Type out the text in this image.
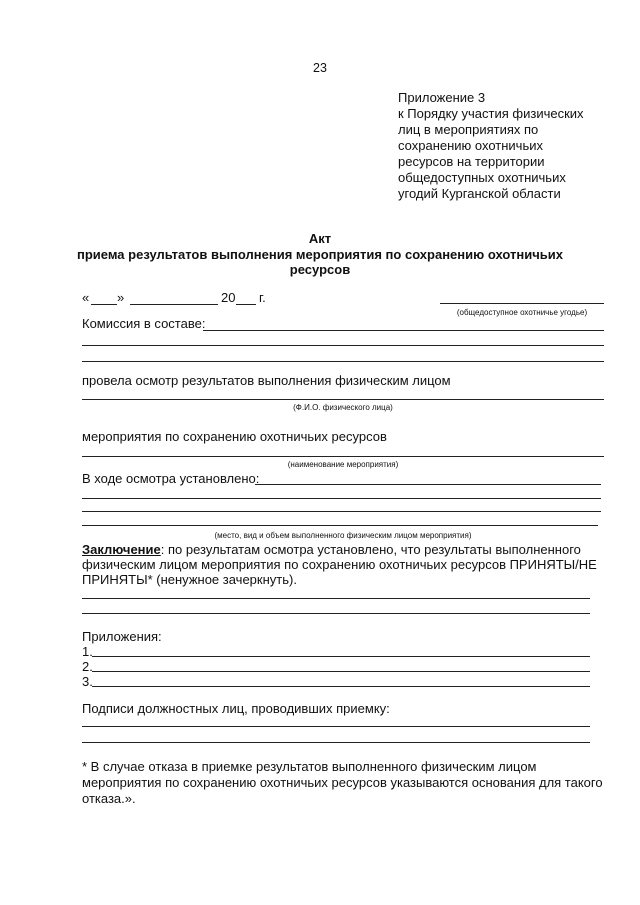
23
Приложение 3
к Порядку участия физических
лиц в мероприятиях по
сохранению охотничьих
ресурсов на территории
общедоступных охотничьих
угодий Курганской области
Акт
приема результатов выполнения мероприятия по сохранению охотничьих
ресурсов
« »	20 г.
(общедоступное охотничье угодье)
Комиссия в составе:
провела осмотр результатов выполнения физическим лицом
(Ф.И.О. физического лица)
мероприятия по сохранению охотничьих ресурсов
(наименование мероприятия)
В ходе осмотра установлено:
(место, вид и объем выполненного физическим лицом мероприятия)
Заключение: по результатам осмотра установлено, что результаты выполненного
физическим лицом мероприятия по сохранению охотничьих ресурсов ПРИНЯТЫ/НЕ
ПРИНЯТЫ* (ненужное зачеркнуть).
Приложения:
1.
2.
3.
Подписи должностных лиц, проводивших приемку:
* В случае отказа в приемке результатов выполненного физическим лицом
мероприятия по сохранению охотничьих ресурсов указываются основания для такого
отказа.».
